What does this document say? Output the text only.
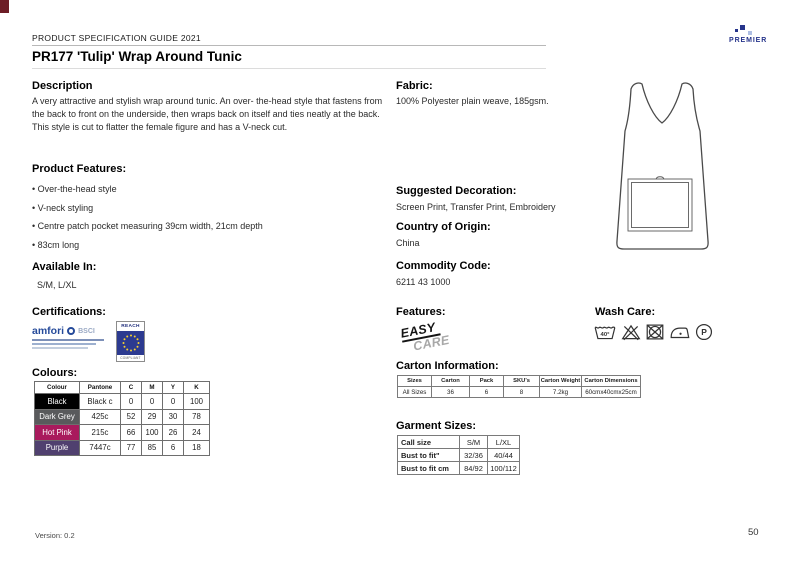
PRODUCT SPECIFICATION GUIDE 2021
PR177 'Tulip' Wrap Around Tunic
PREMIER
Description
A very attractive and stylish wrap around tunic. An over- the-head style that fastens from the back to front on the underside, then wraps back on itself and ties neatly at the back. This style is cut to flatter the female figure and has a V-neck cut.
Product Features:
• Over-the-head style
• V-neck styling
• Centre patch pocket measuring 39cm width, 21cm depth
• 83cm long
Available In:
S/M, L/XL
Certifications:
amfori BSCI
REACH
COMPLIANT
Colours:
Colour	Pantone	C	M	Y	K
Black	Black c	0	0	0	100
Dark Grey	425c	52	29	30	78
Hot Pink	215c	66	100	26	24
Purple	7447c	77	85	6	18
Fabric:
100% Polyester plain weave, 185gsm.
Suggested Decoration:
Screen Print, Transfer Print, Embroidery
Country of Origin:
China
Commodity Code:
6211 43 1000
Features:
EASY
CARE
Wash Care:
40°	P
Carton Information:
Sizes	Carton	Pack	SKU's	Carton Weight	Carton Dimensions
All Sizes	36	6	8	7.2kg	60cmx40cmx25cm
Garment Sizes:
Call size	S/M	L/XL
Bust to fit"	32/36	40/44
Bust to fit cm	84/92	100/112
Version: 0.2	50
